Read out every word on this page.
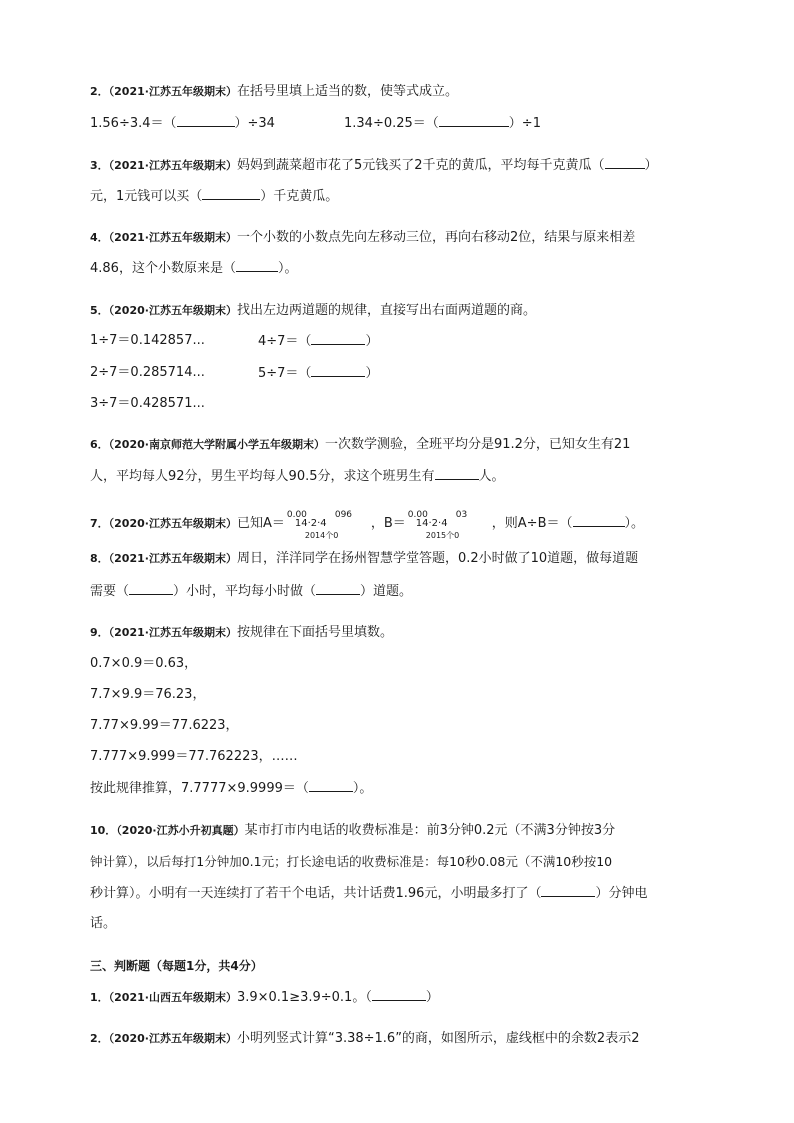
2．（2021·江苏五年级期末）在括号里填上适当的数，使等式成立。
1.56÷3.4＝（	）÷34	1.34÷0.25＝（	）÷1
3．（2021·江苏五年级期末）妈妈到蔬菜超市花了5元钱买了2千克的黄瓜，平均每千克黄瓜（	）
元，1元钱可以买（	）千克黄瓜。
4．（2021·江苏五年级期末）一个小数的小数点先向左移动三位，再向右移动2位，结果与原来相差
4.86，这个小数原来是（	）。
5．（2020·江苏五年级期末）找出左边两道题的规律，直接写出右面两道题的商。
1÷7＝0.142857...	4÷7＝（	）
2÷7＝0.285714...	5÷7＝（	）
3÷7＝0.428571...
6．（2020·南京师范大学附属小学五年级期末）一次数学测验，全班平均分是91.2分，已知女生有21
人，平均每人92分，男生平均每人90.5分，求这个班男生有	人。
7．（2020·江苏五年级期末）已知A＝
0.00
14·2·4
096
2014个0
，B＝
0.00
14·2·4
03
2015个0
，则A÷B＝（	）。
8．（2021·江苏五年级期末）周日，洋洋同学在扬州智慧学堂答题，0.2小时做了10道题，做每道题
需要（	）小时，平均每小时做（	）道题。
9．（2021·江苏五年级期末）按规律在下面括号里填数。
0.7×0.9＝0.63，
7.7×9.9＝76.23，
7.77×9.99＝77.6223，
7.777×9.999＝77.762223，……
按此规律推算，7.7777×9.9999＝（	）。
10．（2020·江苏小升初真题）某市打市内电话的收费标准是：前3分钟0.2元（不满3分钟按3分
钟计算），以后每打1分钟加0.1元；打长途电话的收费标准是：每10秒0.08元（不满10秒按10
秒计算）。小明有一天连续打了若干个电话，共计话费1.96元，小明最多打了（	）分钟电
话。
三、判断题（每题1分，共4分）
1．（2021·山西五年级期末）3.9×0.1≥3.9÷0.1。（	）
2．（2020·江苏五年级期末）小明列竖式计算“3.38÷1.6”的商，如图所示，虚线框中的余数2表示2
